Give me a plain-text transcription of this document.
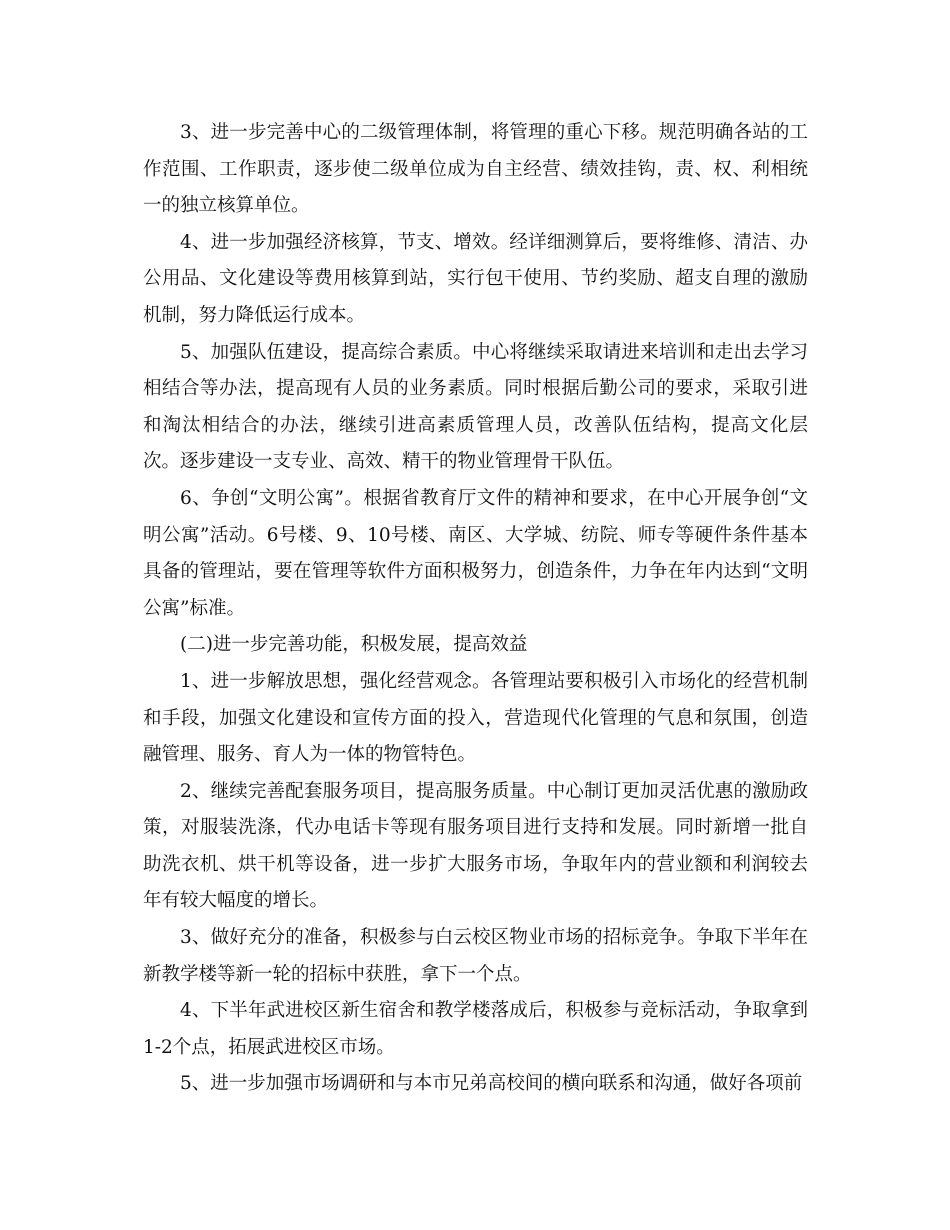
3、进一步完善中心的二级管理体制，将管理的重心下移。规范明确各站的工作范围、工作职责，逐步使二级单位成为自主经营、绩效挂钩，责、权、利相统一的独立核算单位。

4、进一步加强经济核算，节支、增效。经详细测算后，要将维修、清洁、办公用品、文化建设等费用核算到站，实行包干使用、节约奖励、超支自理的激励机制，努力降低运行成本。

5、加强队伍建设，提高综合素质。中心将继续采取请进来培训和走出去学习相结合等办法，提高现有人员的业务素质。同时根据后勤公司的要求，采取引进和淘汰相结合的办法，继续引进高素质管理人员，改善队伍结构，提高文化层次。逐步建设一支专业、高效、精干的物业管理骨干队伍。

6、争创“文明公寓”。根据省教育厅文件的精神和要求，在中心开展争创“文明公寓”活动。6号楼、9、10号楼、南区、大学城、纺院、师专等硬件条件基本具备的管理站，要在管理等软件方面积极努力，创造条件，力争在年内达到“文明公寓”标准。

(二)进一步完善功能，积极发展，提高效益

1、进一步解放思想，强化经营观念。各管理站要积极引入市场化的经营机制和手段，加强文化建设和宣传方面的投入，营造现代化管理的气息和氛围，创造融管理、服务、育人为一体的物管特色。

2、继续完善配套服务项目，提高服务质量。中心制订更加灵活优惠的激励政策，对服装洗涤，代办电话卡等现有服务项目进行支持和发展。同时新增一批自助洗衣机、烘干机等设备，进一步扩大服务市场，争取年内的营业额和利润较去年有较大幅度的增长。

3、做好充分的准备，积极参与白云校区物业市场的招标竞争。争取下半年在新教学楼等新一轮的招标中获胜，拿下一个点。

4、下半年武进校区新生宿舍和教学楼落成后，积极参与竞标活动，争取拿到1-2个点，拓展武进校区市场。

5、进一步加强市场调研和与本市兄弟高校间的横向联系和沟通，做好各项前
